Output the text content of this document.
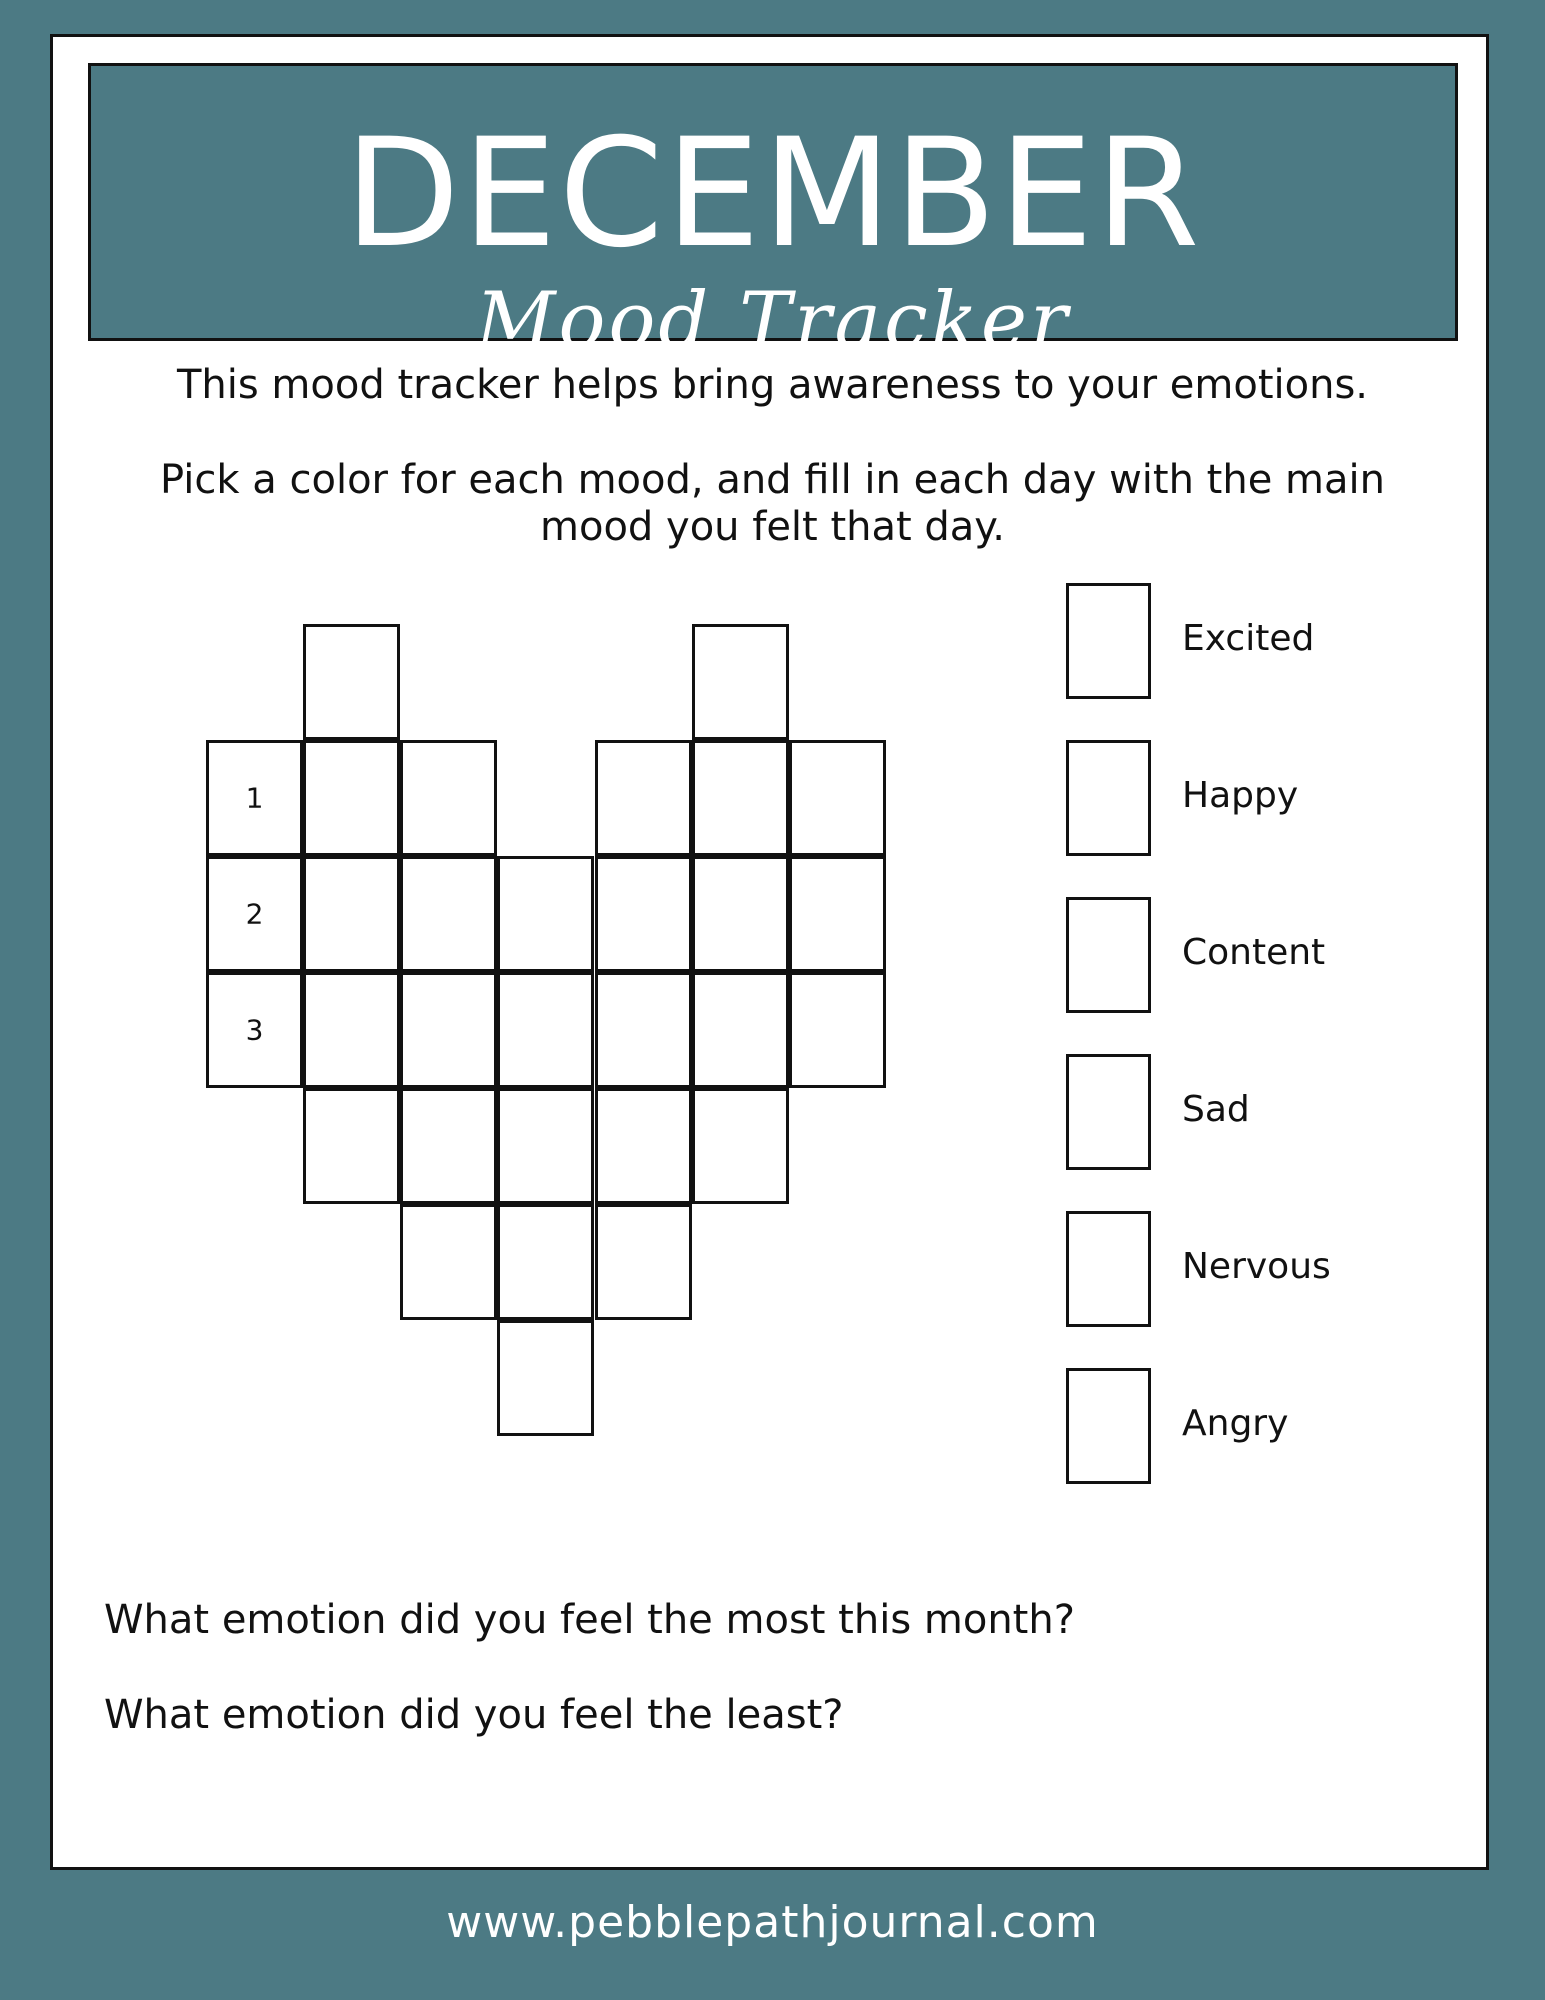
DECEMBER
Mood Tracker
This mood tracker helps bring awareness to your emotions.
Pick a color for each mood, and fill in each day with the main
mood you felt that day.
1
2
3
Excited
Happy
Content
Sad
Nervous
Angry
What emotion did you feel the most this month?
What emotion did you feel the least?
www.pebblepathjournal.com
